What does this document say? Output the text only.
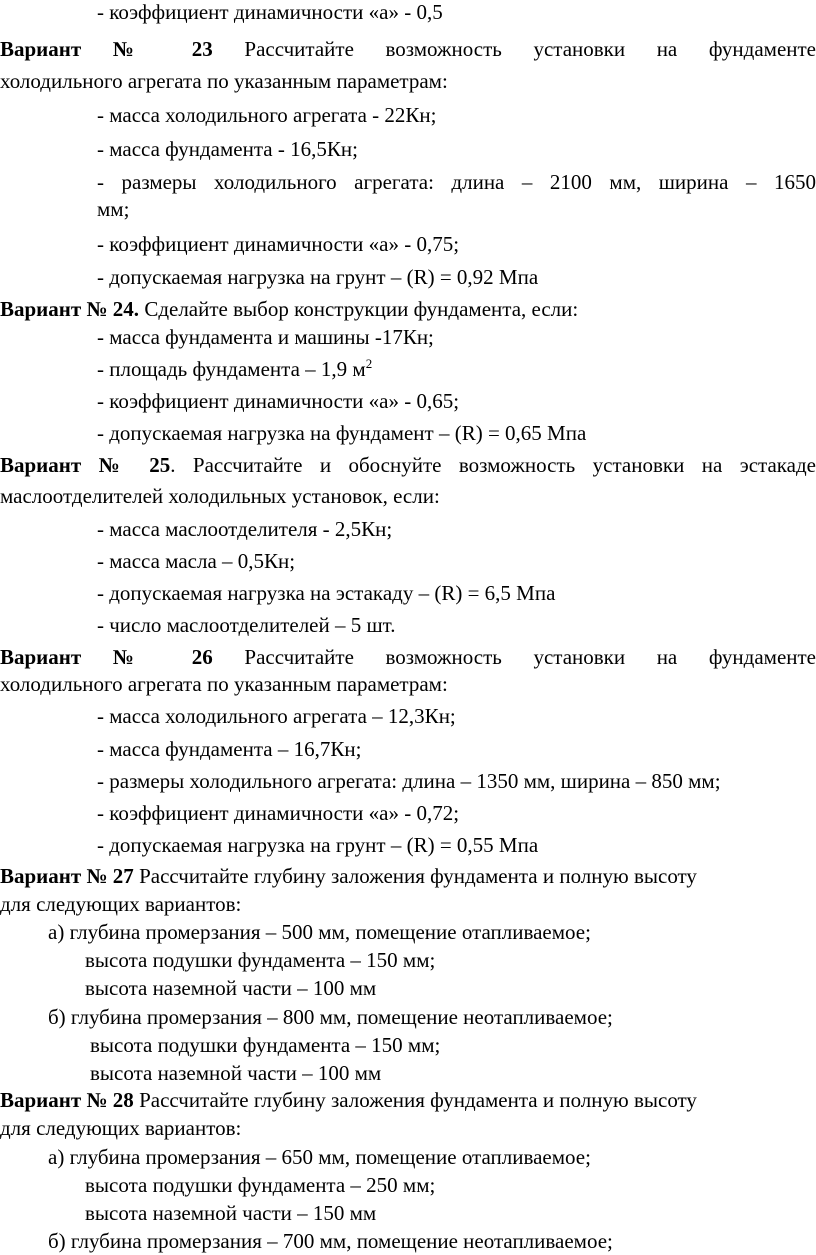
- коэффициент динамичности «а» - 0,5
Вариант № 23 Рассчитайте возможность установки на фундаменте
холодильного агрегата по указанным параметрам:
- масса холодильного агрегата - 22Кн;
- масса фундамента - 16,5Кн;
- размеры холодильного агрегата: длина – 2100 мм, ширина – 1650
мм;
- коэффициент динамичности «а» - 0,75;
- допускаемая нагрузка на грунт – (R) = 0,92 Мпа
Вариант № 24. Сделайте выбор конструкции фундамента, если:
- масса фундамента и машины -17Кн;
- площадь фундамента – 1,9 $м^2$
- коэффициент динамичности «а» - 0,65;
- допускаемая нагрузка на фундамент – (R) = 0,65 Мпа
Вариант № 25. Рассчитайте и обоснуйте возможность установки на эстакаде
маслоотделителей холодильных установок, если:
- масса маслоотделителя - 2,5Кн;
- масса масла – 0,5Кн;
- допускаемая нагрузка на эстакаду – (R) = 6,5 Мпа
- число маслоотделителей – 5 шт.
Вариант № 26 Рассчитайте возможность установки на фундаменте
холодильного агрегата по указанным параметрам:
- масса холодильного агрегата – 12,3Кн;
- масса фундамента – 16,7Кн;
- размеры холодильного агрегата: длина – 1350 мм, ширина – 850 мм;
- коэффициент динамичности «а» - 0,72;
- допускаемая нагрузка на грунт – (R) = 0,55 Мпа
Вариант № 27 Рассчитайте глубину заложения фундамента и полную высоту
для следующих вариантов:
а) глубина промерзания – 500 мм, помещение отапливаемое;
высота подушки фундамента – 150 мм;
высота наземной части – 100 мм
б) глубина промерзания – 800 мм, помещение неотапливаемое;
высота подушки фундамента – 150 мм;
высота наземной части – 100 мм
Вариант № 28 Рассчитайте глубину заложения фундамента и полную высоту
для следующих вариантов:
а) глубина промерзания – 650 мм, помещение отапливаемое;
высота подушки фундамента – 250 мм;
высота наземной части – 150 мм
б) глубина промерзания – 700 мм, помещение неотапливаемое;
